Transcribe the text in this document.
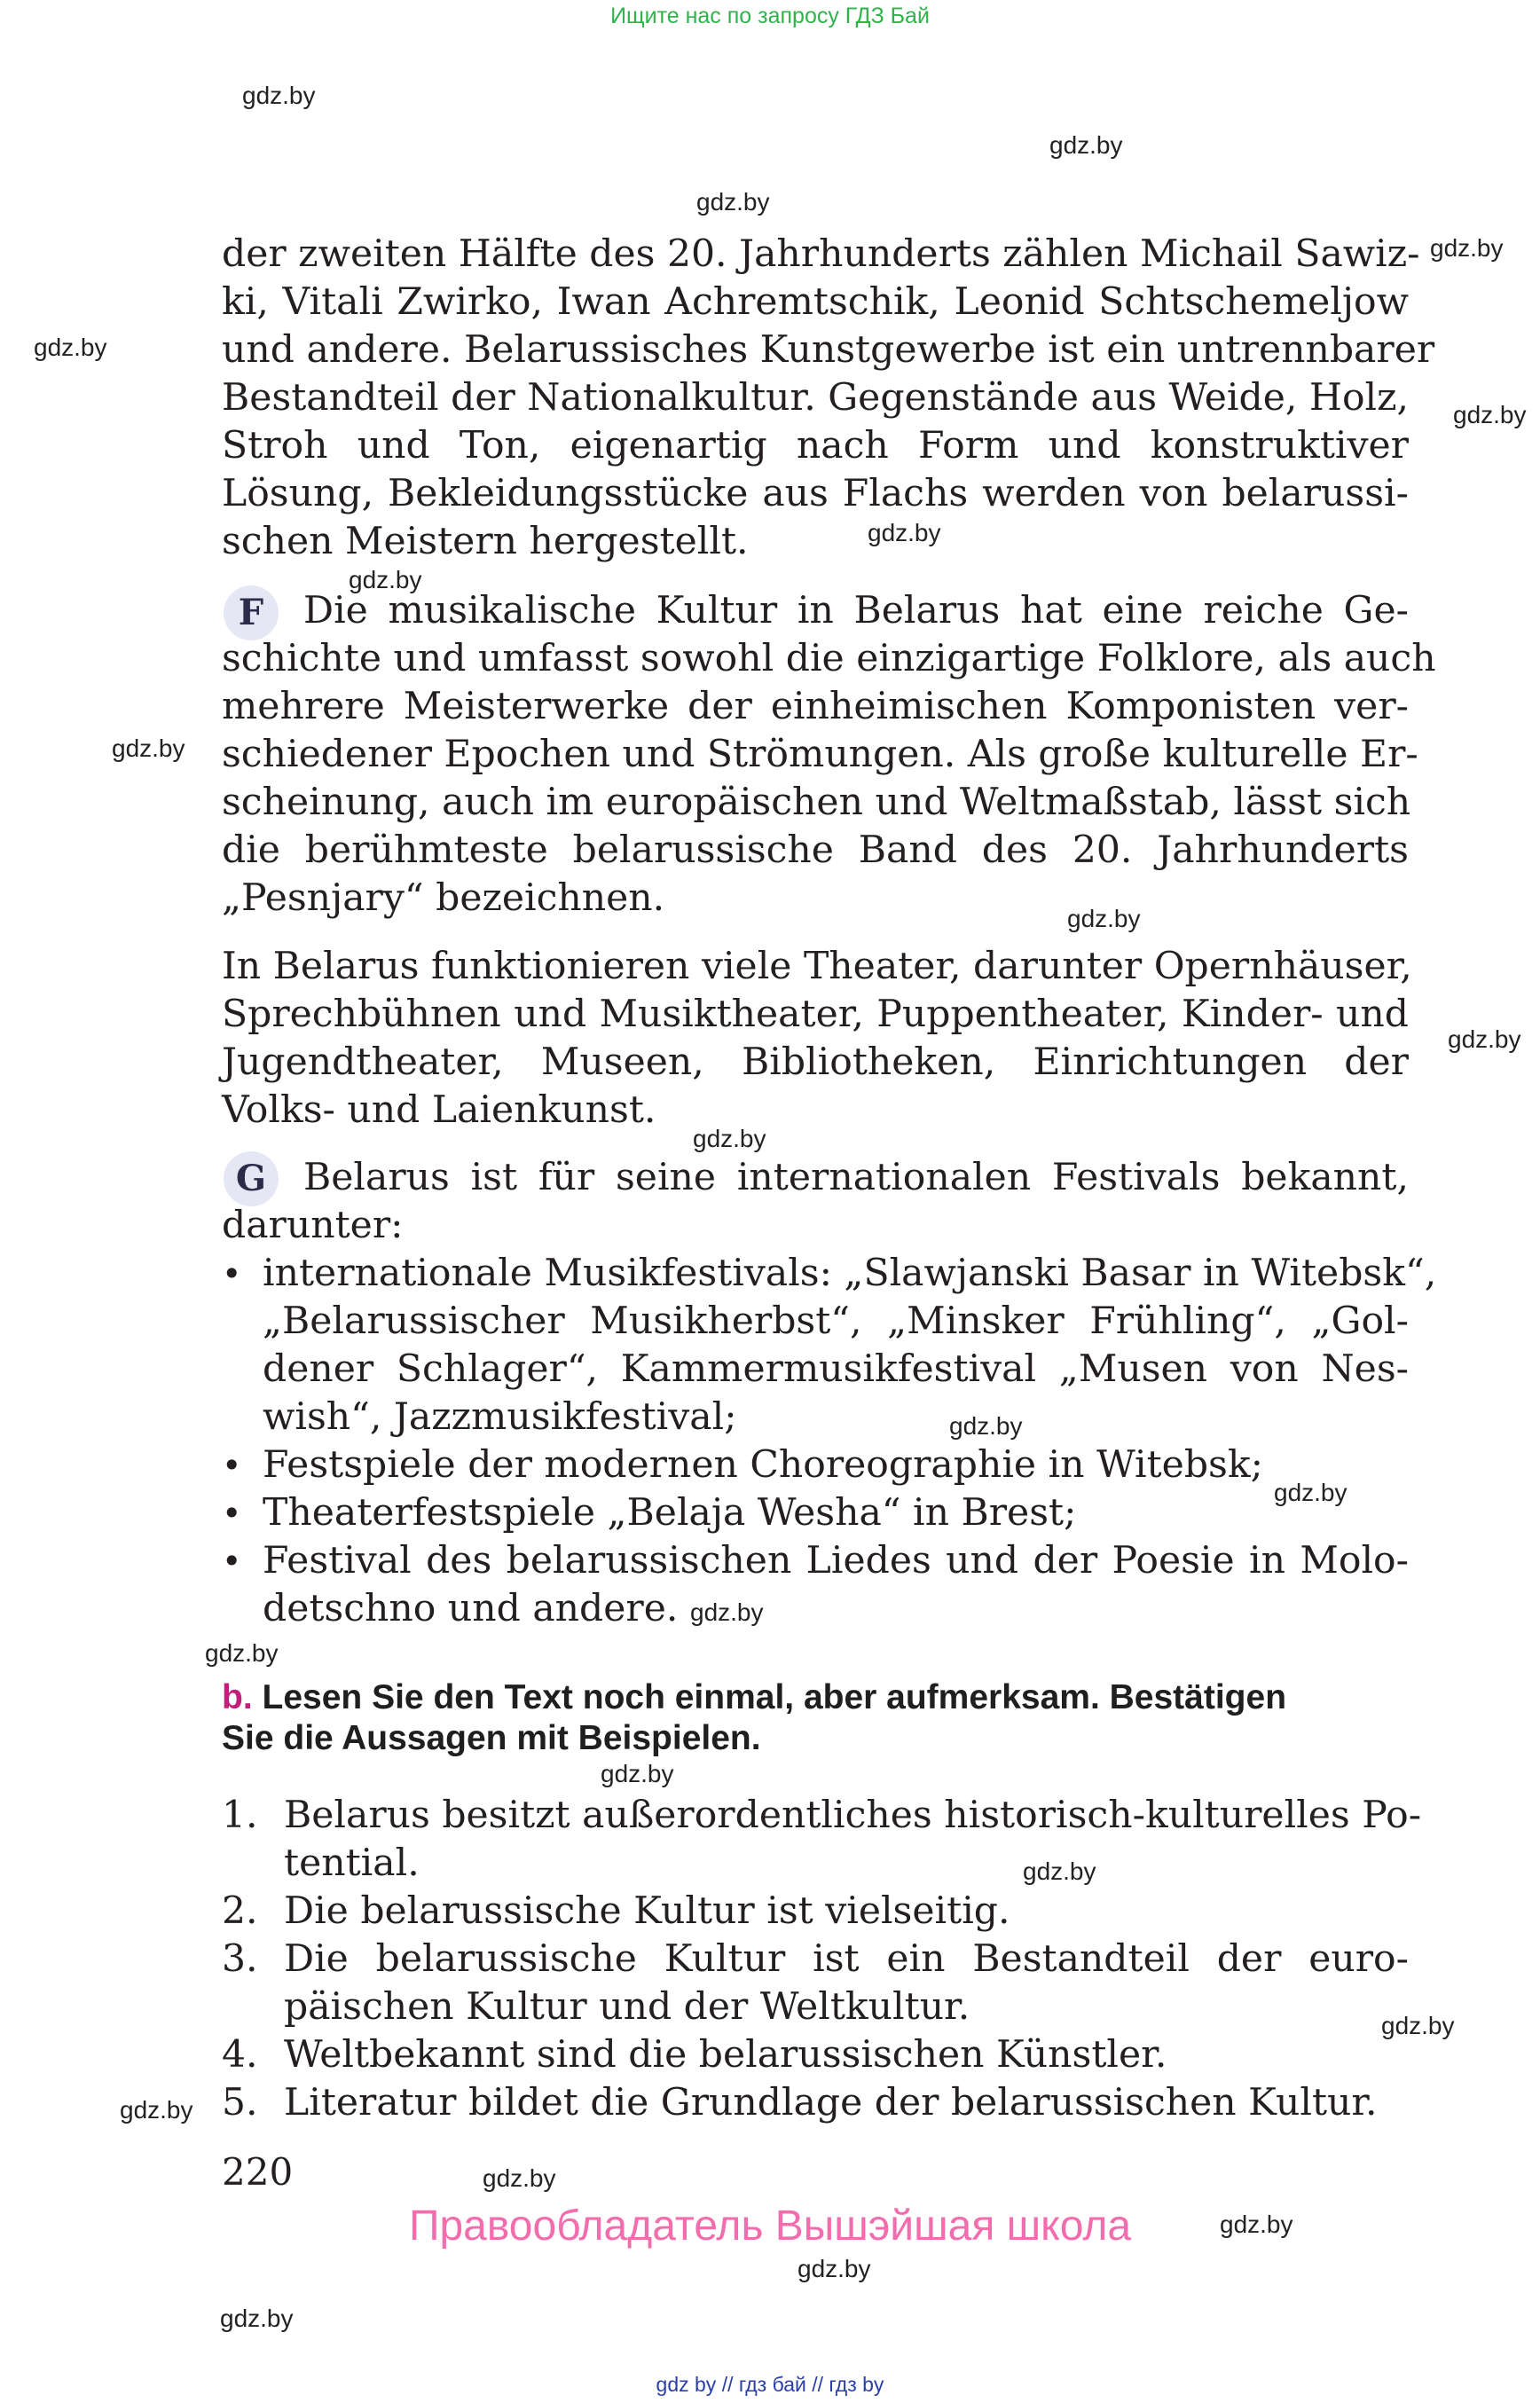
Ищите нас по запросу ГДЗ Бай
gdz.by
gdz.by
gdz.by
gdz.by
gdz.by
gdz.by
gdz.by
gdz.by
gdz.by
gdz.by
gdz.by
gdz.by
gdz.by
gdz.by
gdz.by
gdz.by
gdz.by
gdz.by
gdz.by
gdz.by
gdz.by
gdz.by
gdz.by
gdz.by
der zweiten Hälfte des 20. Jahrhunderts zählen Michail Sawiz-
ki, Vitali Zwirko, Iwan Achremtschik, Leonid Schtschemeljow
und andere. Belarussisches Kunstgewerbe ist ein untrennbarer
Bestandteil der Nationalkultur. Gegenstände aus Weide, Holz,
Stroh und Ton, eigenartig nach Form und konstruktiver
Lösung, Bekleidungsstücke aus Flachs werden von belarussi-
schen Meistern hergestellt.
F	Die musikalische Kultur in Belarus hat eine reiche Ge-
schichte und umfasst sowohl die einzigartige Folklore, als auch
mehrere Meisterwerke der einheimischen Komponisten ver-
schiedener Epochen und Strömungen. Als große kulturelle Er-
scheinung, auch im europäischen und Weltmaßstab, lässt sich
die berühmteste belarussische Band des 20. Jahrhunderts
„Pesnjary“ bezeichnen.
In Belarus funktionieren viele Theater, darunter Opernhäuser,
Sprechbühnen und Musiktheater, Puppentheater, Kinder- und
Jugendtheater, Museen, Bibliotheken, Einrichtungen der
Volks- und Laienkunst.
G Belarus ist für seine internationalen Festivals bekannt,
darunter:
• internationale Musikfestivals: „Slawjanski Basar in Witebsk“,
„Belarussischer Musikherbst“, „Minsker Frühling“, „Gol-
dener Schlager“, Kammermusikfestival „Musen von Nes-
wish“, Jazzmusikfestival;
• Festspiele der modernen Choreographie in Witebsk;
• Theaterfestspiele „Belaja Wesha“ in Brest;
• Festival des belarussischen Liedes und der Poesie in Molo-
detschno und andere.
b. Lesen Sie den Text noch einmal, aber aufmerksam. Bestätigen
Sie die Aussagen mit Beispielen.
1. Belarus besitzt außerordentliches historisch-kulturelles Po-
tential.
2. Die belarussische Kultur ist vielseitig.
3. Die belarussische Kultur ist ein Bestandteil der euro-
päischen Kultur und der Weltkultur.
4. Weltbekannt sind die belarussischen Künstler.
5. Literatur bildet die Grundlage der belarussischen Kultur.
220
Правообладатель Вышэйшая школа
gdz by // гдз бай // гдз by
